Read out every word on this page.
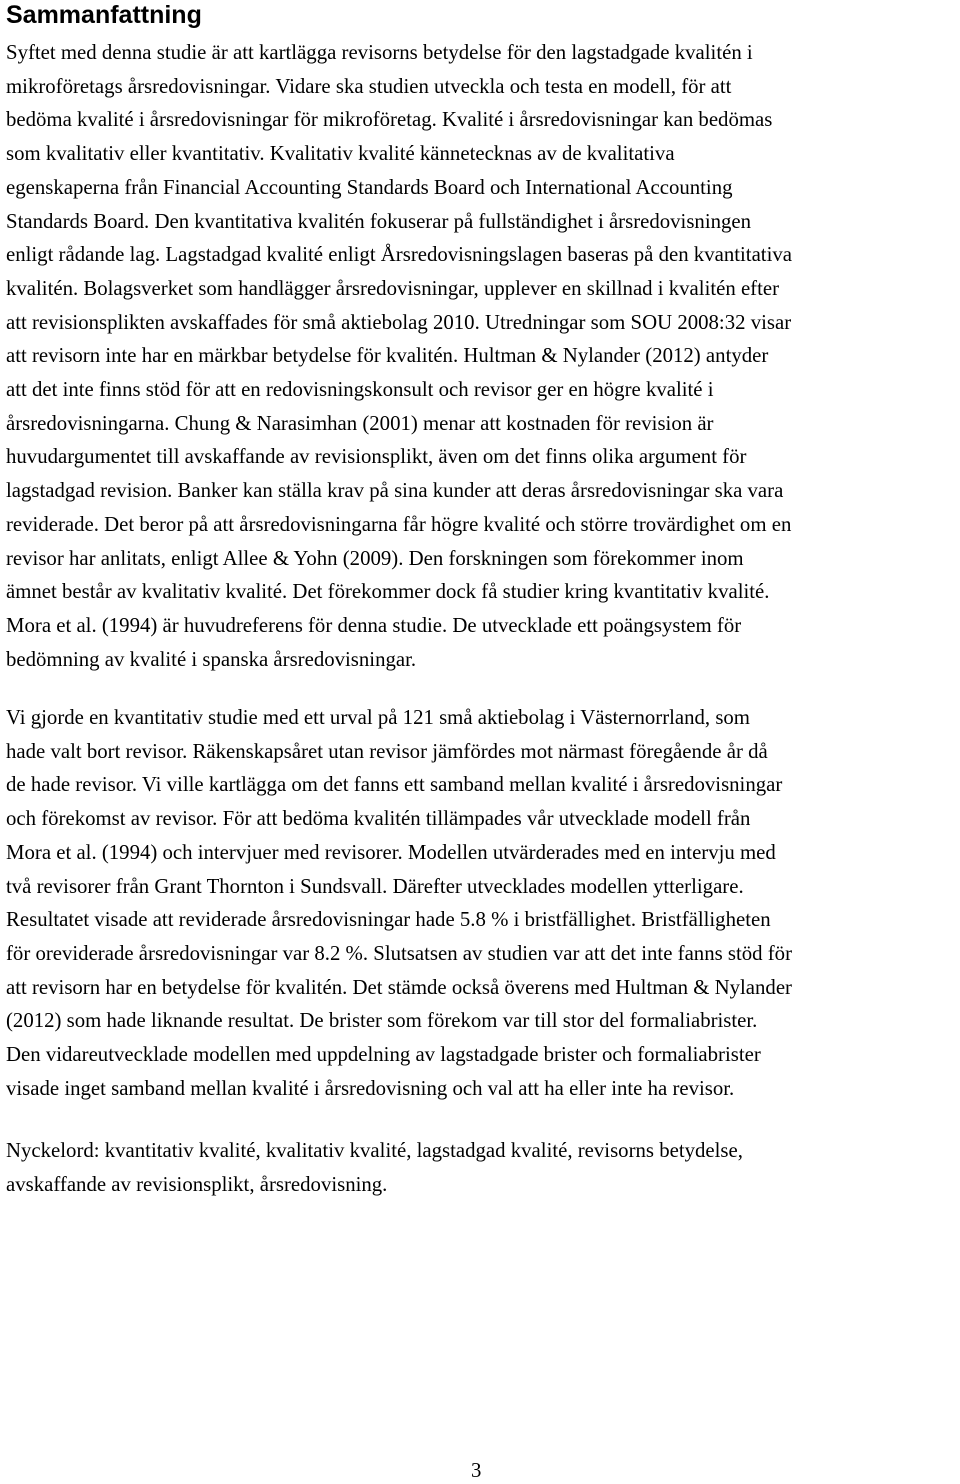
Sammanfattning

Syftet med denna studie är att kartlägga revisorns betydelse för den lagstadgade kvalitén i
mikroföretags årsredovisningar. Vidare ska studien utveckla och testa en modell, för att
bedöma kvalité i årsredovisningar för mikroföretag. Kvalité i årsredovisningar kan bedömas
som kvalitativ eller kvantitativ. Kvalitativ kvalité kännetecknas av de kvalitativa
egenskaperna från Financial Accounting Standards Board och International Accounting
Standards Board. Den kvantitativa kvalitén fokuserar på fullständighet i årsredovisningen
enligt rådande lag. Lagstadgad kvalité enligt Årsredovisningslagen baseras på den kvantitativa
kvalitén. Bolagsverket som handlägger årsredovisningar, upplever en skillnad i kvalitén efter
att revisionsplikten avskaffades för små aktiebolag 2010. Utredningar som SOU 2008:32 visar
att revisorn inte har en märkbar betydelse för kvalitén. Hultman & Nylander (2012) antyder
att det inte finns stöd för att en redovisningskonsult och revisor ger en högre kvalité i
årsredovisningarna. Chung & Narasimhan (2001) menar att kostnaden för revision är
huvudargumentet till avskaffande av revisionsplikt, även om det finns olika argument för
lagstadgad revision. Banker kan ställa krav på sina kunder att deras årsredovisningar ska vara
reviderade. Det beror på att årsredovisningarna får högre kvalité och större trovärdighet om en
revisor har anlitats, enligt Allee & Yohn (2009). Den forskningen som förekommer inom
ämnet består av kvalitativ kvalité. Det förekommer dock få studier kring kvantitativ kvalité.
Mora et al. (1994) är huvudreferens för denna studie. De utvecklade ett poängsystem för
bedömning av kvalité i spanska årsredovisningar.

Vi gjorde en kvantitativ studie med ett urval på 121 små aktiebolag i Västernorrland, som
hade valt bort revisor. Räkenskapsåret utan revisor jämfördes mot närmast föregående år då
de hade revisor. Vi ville kartlägga om det fanns ett samband mellan kvalité i årsredovisningar
och förekomst av revisor. För att bedöma kvalitén tillämpades vår utvecklade modell från
Mora et al. (1994) och intervjuer med revisorer. Modellen utvärderades med en intervju med
två revisorer från Grant Thornton i Sundsvall. Därefter utvecklades modellen ytterligare.
Resultatet visade att reviderade årsredovisningar hade 5.8 % i bristfällighet. Bristfälligheten
för oreviderade årsredovisningar var 8.2 %. Slutsatsen av studien var att det inte fanns stöd för
att revisorn har en betydelse för kvalitén. Det stämde också överens med Hultman & Nylander
(2012) som hade liknande resultat. De brister som förekom var till stor del formaliabrister.
Den vidareutvecklade modellen med uppdelning av lagstadgade brister och formaliabrister
visade inget samband mellan kvalité i årsredovisning och val att ha eller inte ha revisor.

Nyckelord: kvantitativ kvalité, kvalitativ kvalité, lagstadgad kvalité, revisorns betydelse,
avskaffande av revisionsplikt, årsredovisning.

3
